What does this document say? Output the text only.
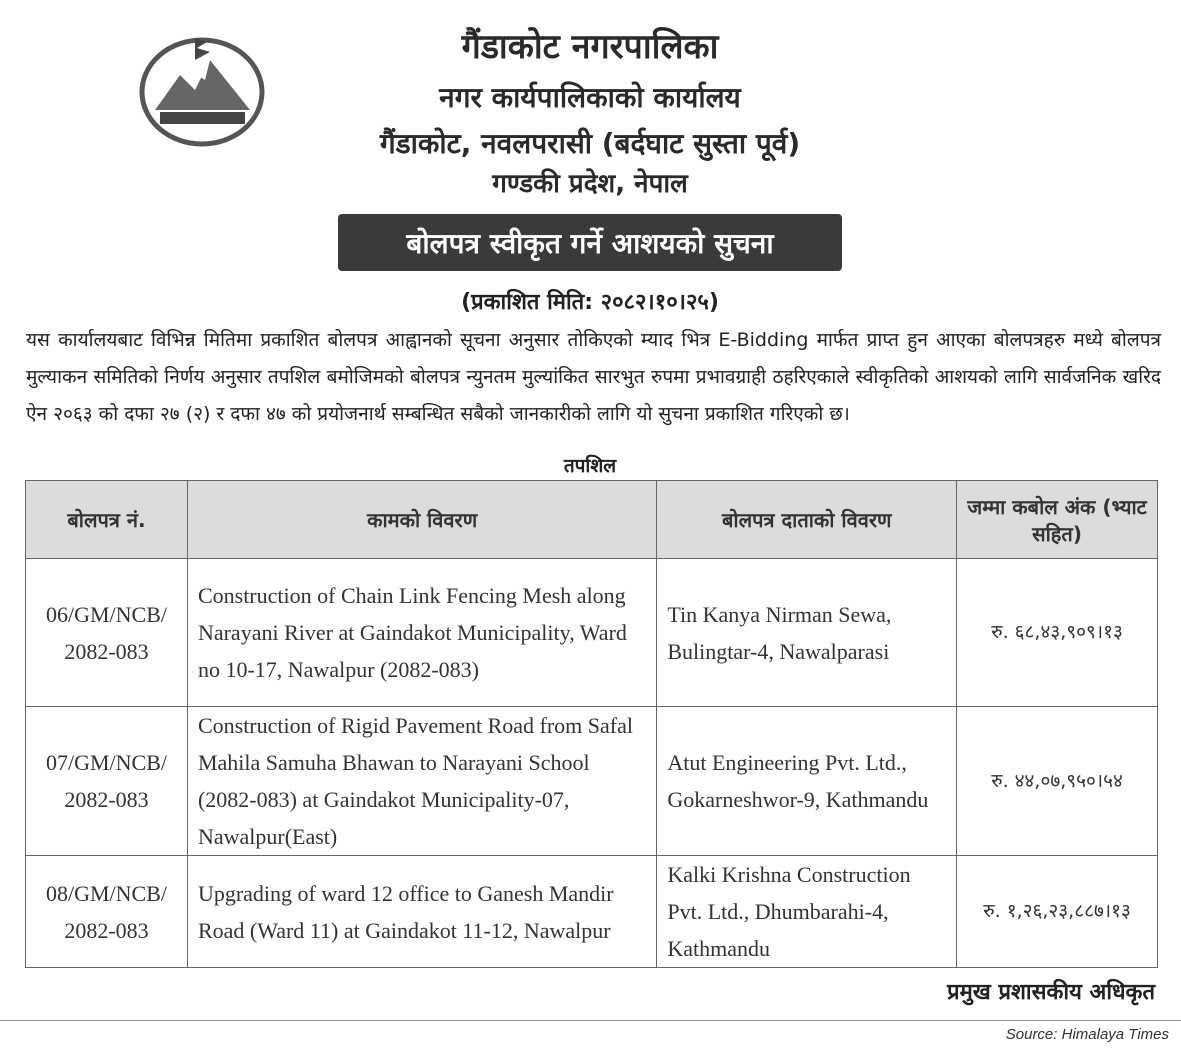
गैंडाकोट नगरपालिका
नगर कार्यपालिकाको कार्यालय
गैंडाकोट, नवलपरासी (बर्दघाट सुस्ता पूर्व)
गण्डकी प्रदेश, नेपाल
बोलपत्र स्वीकृत गर्ने आशयको सुचना
(प्रकाशित मिति: २०८२।१०।२५)
यस कार्यालयबाट विभिन्न मितिमा प्रकाशित बोलपत्र आह्वानको सूचना अनुसार तोकिएको म्याद भित्र E-Bidding मार्फत प्राप्त हुन आएका बोलपत्रहरु मध्ये बोलपत्र मुल्याकन समितिको निर्णय अनुसार तपशिल बमोजिमको बोलपत्र न्युनतम मुल्यांकित सारभुत रुपमा प्रभावग्राही ठहरिएकाले स्वीकृतिको आशयको लागि सार्वजनिक खरिद ऐन २०६३ को दफा २७ (२) र दफा ४७ को प्रयोजनार्थ सम्बन्धित सबैको जानकारीको लागि यो सुचना प्रकाशित गरिएको छ।
तपशिल
बोलपत्र नं.	कामको विवरण	बोलपत्र दाताको विवरण	जम्मा कबोल अंक (भ्याट सहित)
06/GM/NCB/ 2082-083	Construction of Chain Link Fencing Mesh along Narayani River at Gaindakot Municipality, Ward no 10-17, Nawalpur (2082-083)	Tin Kanya Nirman Sewa, Bulingtar-4, Nawalparasi	रु. ६८,४३,९०९।१३
07/GM/NCB/ 2082-083	Construction of Rigid Pavement Road from Safal Mahila Samuha Bhawan to Narayani School (2082-083) at Gaindakot Municipality-07, Nawalpur(East)	Atut Engineering Pvt. Ltd., Gokarneshwor-9, Kathmandu	रु. ४४,०७,९५०।५४
08/GM/NCB/ 2082-083	Upgrading of ward 12 office to Ganesh Mandir Road (Ward 11) at Gaindakot 11-12, Nawalpur	Kalki Krishna Construction Pvt. Ltd., Dhumbarahi-4, Kathmandu	रु. १,२६,२३,८८७।१३
प्रमुख प्रशासकीय अधिकृत
Source: Himalaya Times
